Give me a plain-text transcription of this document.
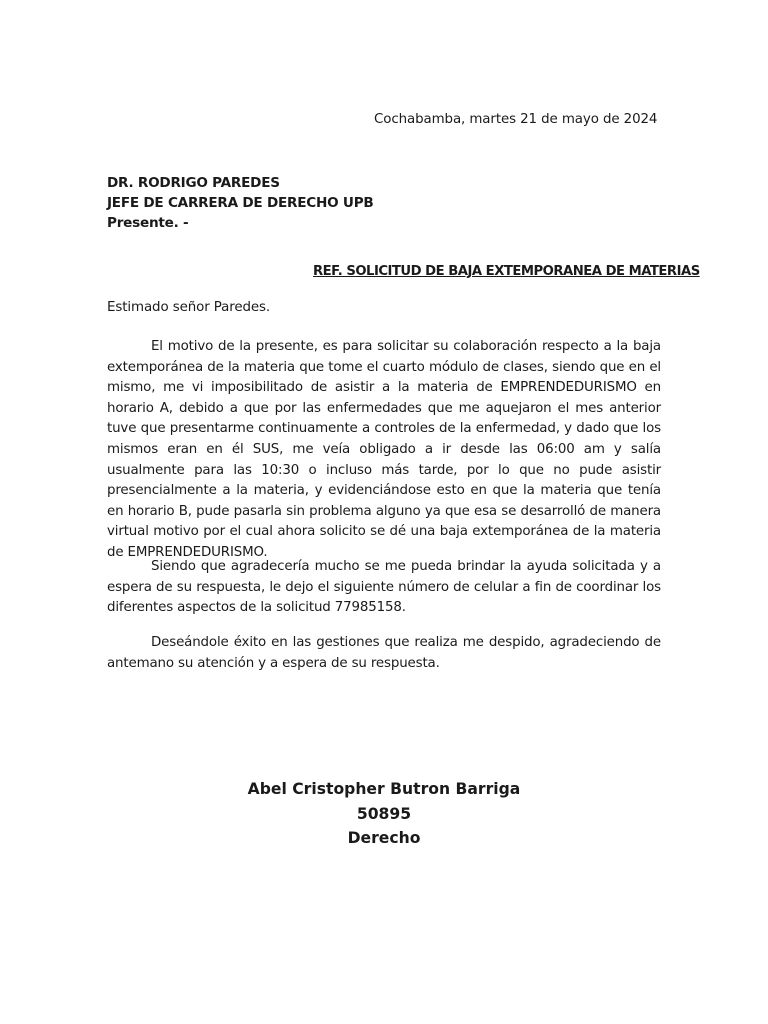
Cochabamba, martes 21 de mayo de 2024
DR. RODRIGO PAREDES
JEFE DE CARRERA DE DERECHO UPB
Presente. -
REF. SOLICITUD DE BAJA EXTEMPORANEA DE MATERIAS
Estimado señor Paredes.

El motivo de la presente, es para solicitar su colaboración respecto a la baja extemporánea de la materia que tome el cuarto módulo de clases, siendo que en el mismo, me vi imposibilitado de asistir a la materia de EMPRENDEDURISMO en horario A, debido a que por las enfermedades que me aquejaron el mes anterior tuve que presentarme continuamente a controles de la enfermedad, y dado que los mismos eran en él SUS, me veía obligado a ir desde las 06:00 am y salía usualmente para las 10:30 o incluso más tarde, por lo que no pude asistir presencialmente a la materia, y evidenciándose esto en que la materia que tenía en horario B, pude pasarla sin problema alguno ya que esa se desarrolló de manera virtual motivo por el cual ahora solicito se dé una baja extemporánea de la materia de EMPRENDEDURISMO.

Siendo que agradecería mucho se me pueda brindar la ayuda solicitada y a espera de su respuesta, le dejo el siguiente número de celular a fin de coordinar los diferentes aspectos de la solicitud 77985158.

Deseándole éxito en las gestiones que realiza me despido, agradeciendo de antemano su atención y a espera de su respuesta.

Abel Cristopher Butron Barriga
50895
Derecho
